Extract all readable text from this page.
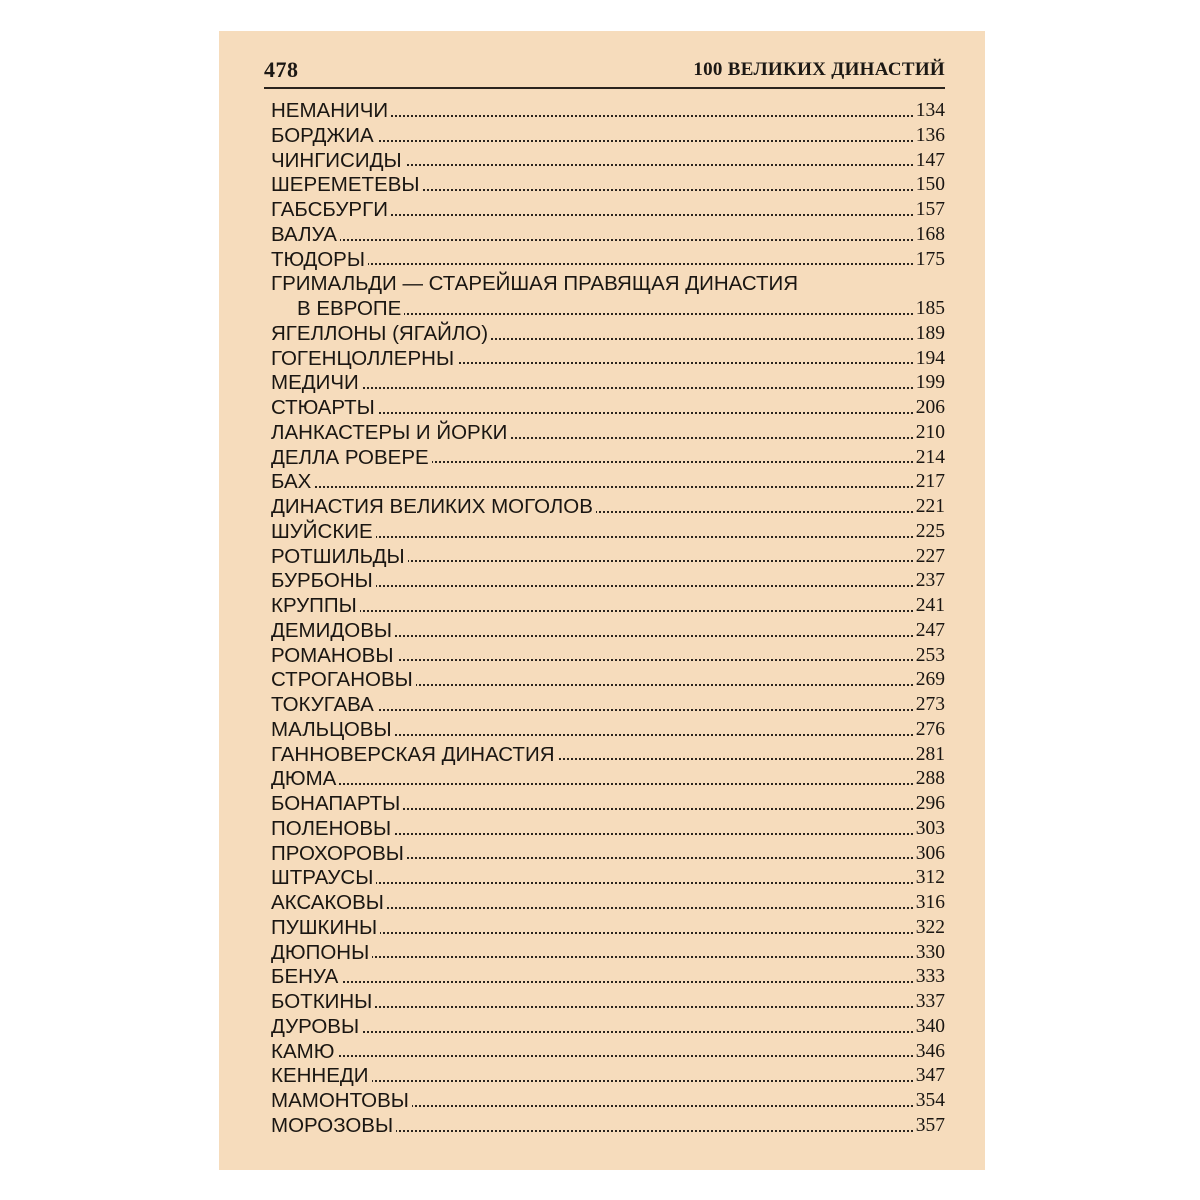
478	100 ВЕЛИКИХ ДИНАСТИЙ
НЕМАНИЧИ	134
БОРДЖИА	136
ЧИНГИСИДЫ	147
ШЕРЕМЕТЕВЫ	150
ГАБСБУРГИ	157
ВАЛУА	168
ТЮДОРЫ	175
ГРИМАЛЬДИ — СТАРЕЙШАЯ ПРАВЯЩАЯ ДИНАСТИЯ
В ЕВРОПЕ	185
ЯГЕЛЛОНЫ (ЯГАЙЛО)	189
ГОГЕНЦОЛЛЕРНЫ	194
МЕДИЧИ	199
СТЮАРТЫ	206
ЛАНКАСТЕРЫ И ЙОРКИ	210
ДЕЛЛА РОВЕРЕ	214
БАХ	217
ДИНАСТИЯ ВЕЛИКИХ МОГОЛОВ	221
ШУЙСКИЕ	225
РОТШИЛЬДЫ	227
БУРБОНЫ	237
КРУППЫ	241
ДЕМИДОВЫ	247
РОМАНОВЫ	253
СТРОГАНОВЫ	269
ТОКУГАВА	273
МАЛЬЦОВЫ	276
ГАННОВЕРСКАЯ ДИНАСТИЯ	281
ДЮМА	288
БОНАПАРТЫ	296
ПОЛЕНОВЫ	303
ПРОХОРОВЫ	306
ШТРАУСЫ	312
АКСАКОВЫ	316
ПУШКИНЫ	322
ДЮПОНЫ	330
БЕНУА	333
БОТКИНЫ	337
ДУРОВЫ	340
КАМЮ	346
КЕННЕДИ	347
МАМОНТОВЫ	354
МОРОЗОВЫ	357
